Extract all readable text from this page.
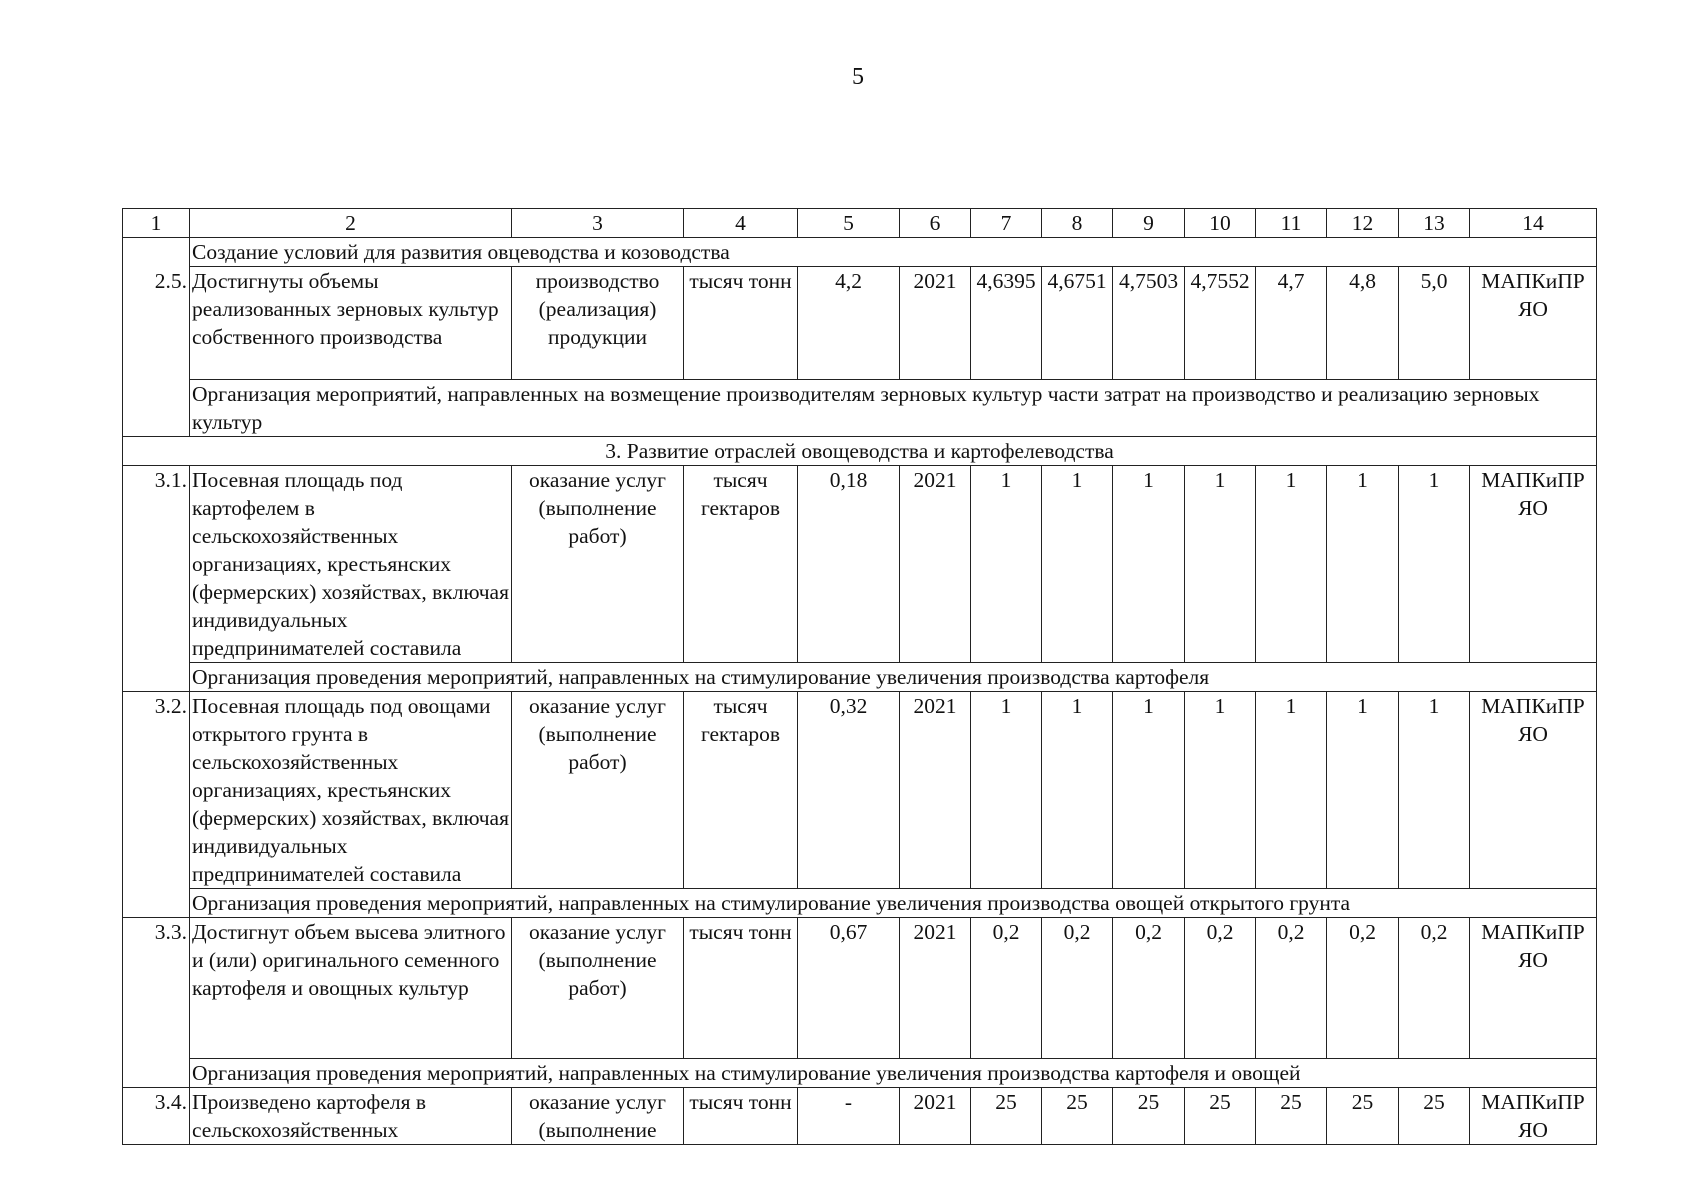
5
1	2	3	4	5	6	7	8	9	10	11	12	13	14
	Создание условий для развития овцеводства и козоводства												
2.5.	Достигнуты объемы реализованных зерновых культур собственного производства	производство (реализация) продукции	тысяч тонн	4,2	2021	4,6395	4,6751	4,7503	4,7552	4,7	4,8	5,0	МАПКиПР ЯО
	Организация мероприятий, направленных на возмещение производителям зерновых культур части затрат на производство и реализацию зерновых культур												
3. Развитие отраслей овощеводства и картофелеводства													
3.1.	Посевная площадь под картофелем в сельскохозяйственных организациях, крестьянских (фермерских) хозяйствах, включая индивидуальных предпринимателей составила	оказание услуг (выполнение работ)	тысяч гектаров	0,18	2021	1	1	1	1	1	1	1	МАПКиПР ЯО
	Организация проведения мероприятий, направленных на стимулирование увеличения производства картофеля												
3.2.	Посевная площадь под овощами открытого грунта в сельскохозяйственных организациях, крестьянских (фермерских) хозяйствах, включая индивидуальных предпринимателей составила	оказание услуг (выполнение работ)	тысяч гектаров	0,32	2021	1	1	1	1	1	1	1	МАПКиПР ЯО
	Организация проведения мероприятий, направленных на стимулирование увеличения производства овощей открытого грунта												
3.3.	Достигнут объем высева элитного и (или) оригинального семенного картофеля и овощных культур	оказание услуг (выполнение работ)	тысяч тонн	0,67	2021	0,2	0,2	0,2	0,2	0,2	0,2	0,2	МАПКиПР ЯО
	Организация проведения мероприятий, направленных на стимулирование увеличения производства картофеля и овощей												
3.4.	Произведено картофеля в сельскохозяйственных	оказание услуг (выполнение	тысяч тонн	-	2021	25	25	25	25	25	25	25	МАПКиПР ЯО
